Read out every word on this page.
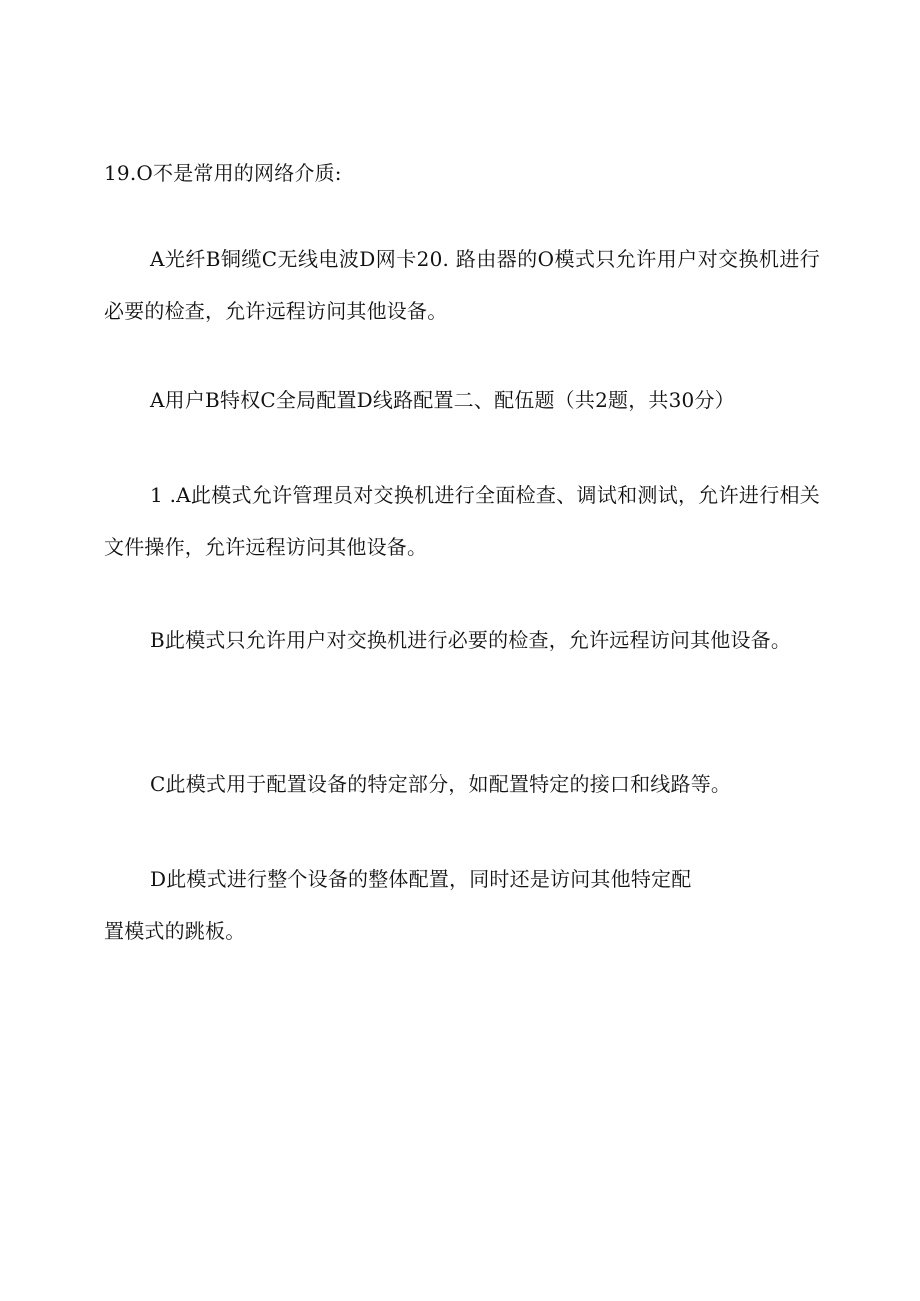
19.O不是常用的网络介质:

A光纤B铜缆C无线电波D网卡20. 路由器的O模式只允许用户对交换机进行必要的检查，允许远程访问其他设备。

A用户B特权C全局配置D线路配置二、配伍题（共2题，共30分）

1 .A此模式允许管理员对交换机进行全面检查、调试和测试，允许进行相关文件操作，允许远程访问其他设备。

B此模式只允许用户对交换机进行必要的检查，允许远程访问其他设备。

C此模式用于配置设备的特定部分，如配置特定的接口和线路等。

D此模式进行整个设备的整体配置，同时还是访问其他特定配
置模式的跳板。
